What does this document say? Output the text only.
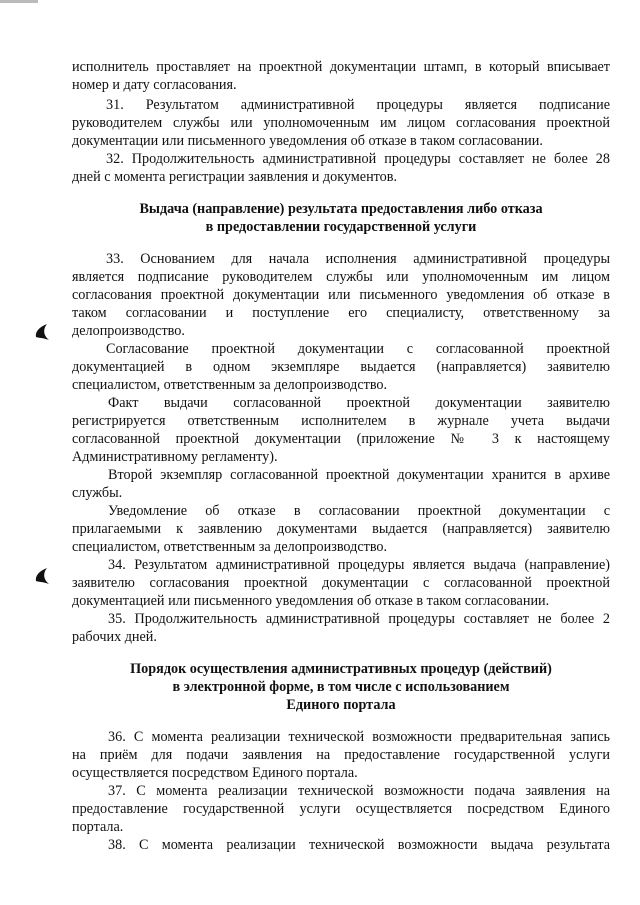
исполнитель проставляет на проектной документации штамп, в который вписывает
номер и дату согласования.
31. Результатом административной процедуры является подписание
руководителем службы или уполномоченным им лицом согласования проектной
документации или письменного уведомления об отказе в таком согласовании.
32. Продолжительность административной процедуры составляет не более 28
дней с момента регистрации заявления и документов.
Выдача (направление) результата предоставления либо отказа
в предоставлении государственной услуги
33. Основанием для начала исполнения административной процедуры
является подписание руководителем службы или уполномоченным им лицом
согласования проектной документации или письменного уведомления об отказе в
таком согласовании и поступление его специалисту, ответственному за
делопроизводство.
Согласование проектной документации с согласованной проектной
документацией в одном экземпляре выдается (направляется) заявителю
специалистом, ответственным за делопроизводство.
Факт выдачи согласованной проектной документации заявителю
регистрируется ответственным исполнителем в журнале учета выдачи
согласованной проектной документации (приложение № 3 к настоящему
Административному регламенту).
Второй экземпляр согласованной проектной документации хранится в архиве
службы.
Уведомление об отказе в согласовании проектной документации с
прилагаемыми к заявлению документами выдается (направляется) заявителю
специалистом, ответственным за делопроизводство.
34. Результатом административной процедуры является выдача (направление)
заявителю согласования проектной документации с согласованной проектной
документацией или письменного уведомления об отказе в таком согласовании.
35. Продолжительность административной процедуры составляет не более 2
рабочих дней.
Порядок осуществления административных процедур (действий)
в электронной форме, в том числе с использованием
Единого портала
36. С момента реализации технической возможности предварительная запись
на приём для подачи заявления на предоставление государственной услуги
осуществляется посредством Единого портала.
37. С момента реализации технической возможности подача заявления на
предоставление государственной услуги осуществляется посредством Единого
портала.
38. С момента реализации технической возможности выдача результата
